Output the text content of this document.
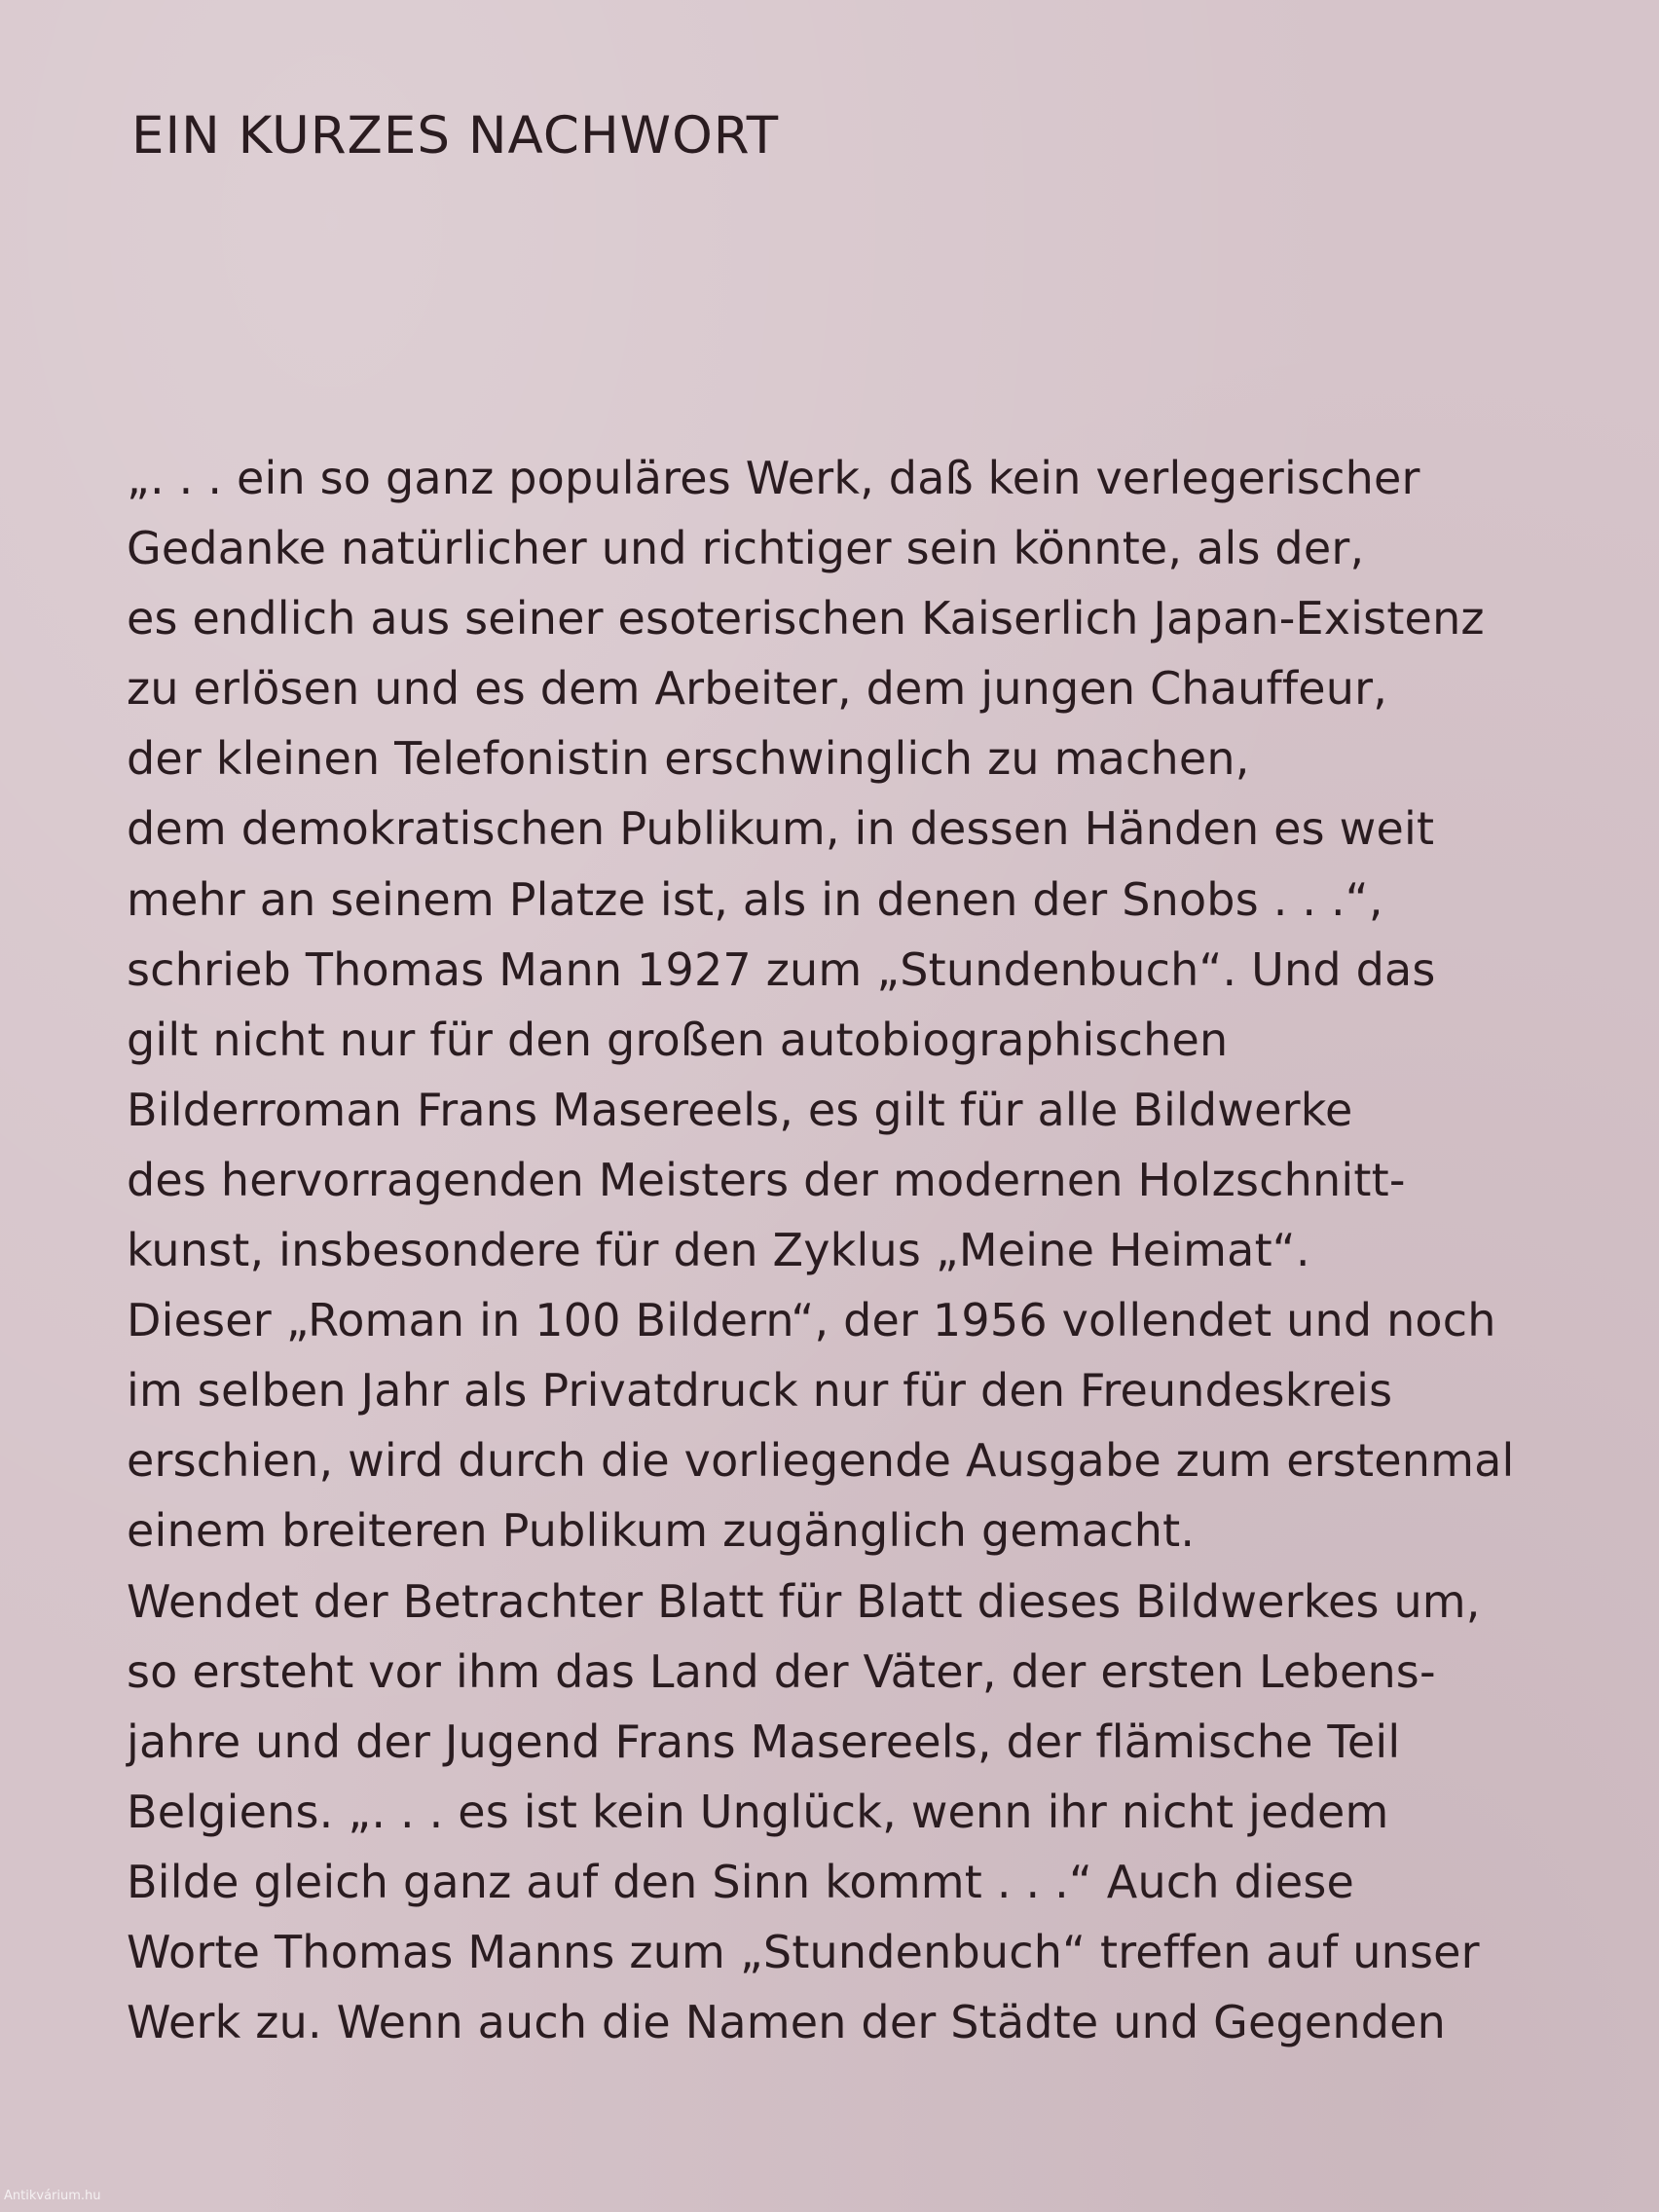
EIN KURZES NACHWORT
„. . . ein so ganz populäres Werk, daß kein verlegerischer
Gedanke natürlicher und richtiger sein könnte, als der,
es endlich aus seiner esoterischen Kaiserlich Japan-Existenz
zu erlösen und es dem Arbeiter, dem jungen Chauffeur,
der kleinen Telefonistin erschwinglich zu machen,
dem demokratischen Publikum, in dessen Händen es weit
mehr an seinem Platze ist, als in denen der Snobs . . .“,
schrieb Thomas Mann 1927 zum „Stundenbuch“. Und das
gilt nicht nur für den großen autobiographischen
Bilderroman Frans Masereels, es gilt für alle Bildwerke
des hervorragenden Meisters der modernen Holzschnitt-
kunst, insbesondere für den Zyklus „Meine Heimat“.
Dieser „Roman in 100 Bildern“, der 1956 vollendet und noch
im selben Jahr als Privatdruck nur für den Freundeskreis
erschien, wird durch die vorliegende Ausgabe zum erstenmal
einem breiteren Publikum zugänglich gemacht.
Wendet der Betrachter Blatt für Blatt dieses Bildwerkes um,
so ersteht vor ihm das Land der Väter, der ersten Lebens-
jahre und der Jugend Frans Masereels, der flämische Teil
Belgiens. „. . . es ist kein Unglück, wenn ihr nicht jedem
Bilde gleich ganz auf den Sinn kommt . . .“ Auch diese
Worte Thomas Manns zum „Stundenbuch“ treffen auf unser
Werk zu. Wenn auch die Namen der Städte und Gegenden
Antikvárium.hu
